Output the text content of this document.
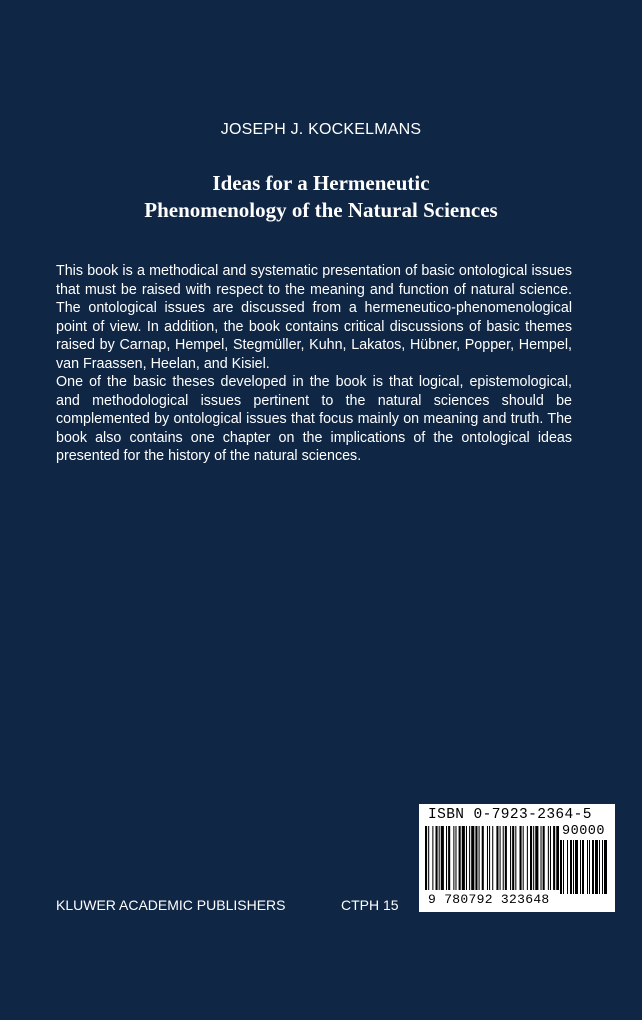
JOSEPH J. KOCKELMANS
Ideas for a Hermeneutic
Phenomenology of the Natural Sciences

This book is a methodical and systematic presentation of basic ontological issues that must be raised with respect to the meaning and function of natural science. The ontological issues are discussed from a hermeneutico-phenomenological point of view. In addition, the book contains critical discussions of basic themes raised by Carnap, Hempel, Stegmüller, Kuhn, Lakatos, Hübner, Popper, Hempel, van Fraassen, Heelan, and Kisiel.

One of the basic theses developed in the book is that logical, epistemological, and methodological issues pertinent to the natural sciences should be complemented by ontological issues that focus mainly on meaning and truth. The book also contains one chapter on the implications of the ontological ideas presented for the history of the natural sciences.

ISBN 0-7923-2364-5
9 780792 323648
90000
KLUWER ACADEMIC PUBLISHERS	CTPH 15
